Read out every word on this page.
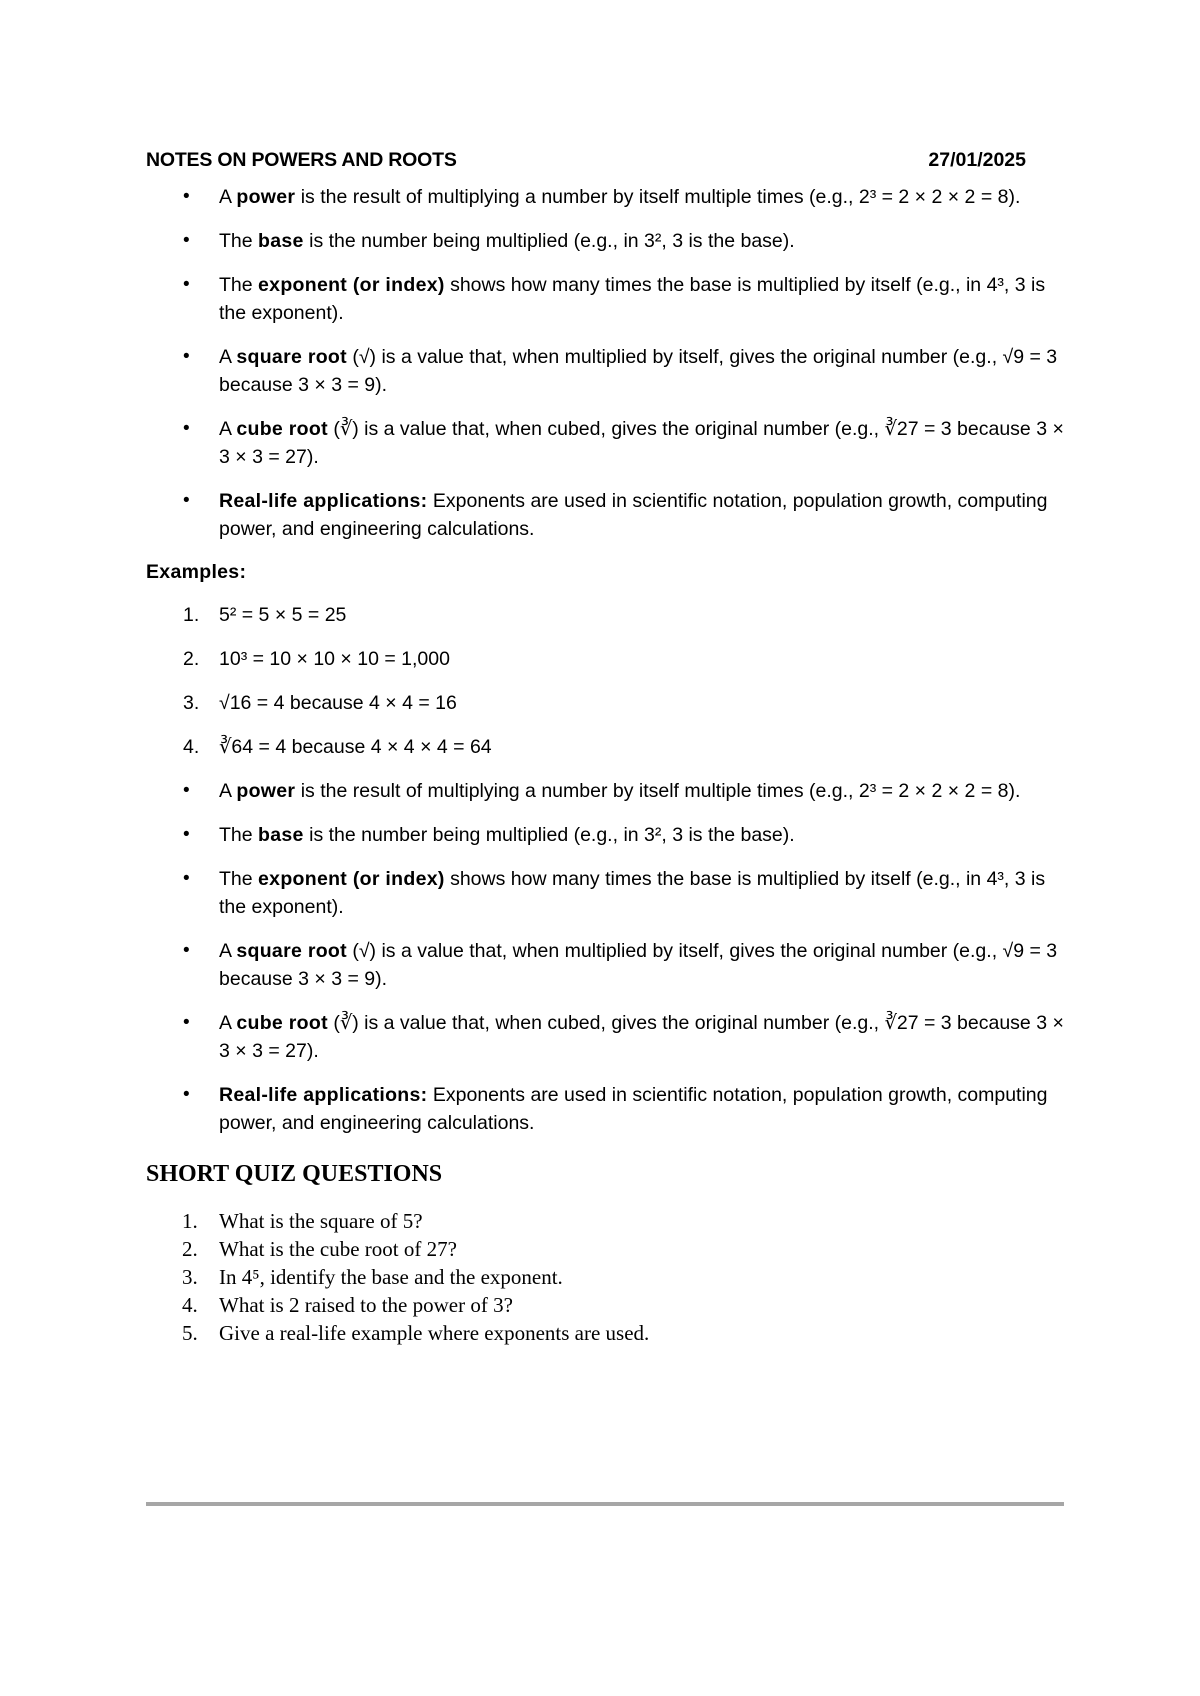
NOTES ON POWERS AND ROOTS	27/01/2025
• A power is the result of multiplying a number by itself multiple times (e.g., 2³ = 2 × 2 × 2 = 8).
• The base is the number being multiplied (e.g., in 3², 3 is the base).
• The exponent (or index) shows how many times the base is multiplied by itself (e.g., in 4³, 3 is the exponent).
• A square root (√) is a value that, when multiplied by itself, gives the original number (e.g., √9 = 3 because 3 × 3 = 9).
• A cube root (∛) is a value that, when cubed, gives the original number (e.g., ∛27 = 3 because 3 × 3 × 3 = 27).
• Real-life applications: Exponents are used in scientific notation, population growth, computing power, and engineering calculations.
Examples:
1. 5² = 5 × 5 = 25
2. 10³ = 10 × 10 × 10 = 1,000
3. √16 = 4 because 4 × 4 = 16
4. ∛64 = 4 because 4 × 4 × 4 = 64
• A power is the result of multiplying a number by itself multiple times (e.g., 2³ = 2 × 2 × 2 = 8).
• The base is the number being multiplied (e.g., in 3², 3 is the base).
• The exponent (or index) shows how many times the base is multiplied by itself (e.g., in 4³, 3 is the exponent).
• A square root (√) is a value that, when multiplied by itself, gives the original number (e.g., √9 = 3 because 3 × 3 = 9).
• A cube root (∛) is a value that, when cubed, gives the original number (e.g., ∛27 = 3 because 3 × 3 × 3 = 27).
• Real-life applications: Exponents are used in scientific notation, population growth, computing power, and engineering calculations.
SHORT QUIZ QUESTIONS
1. What is the square of 5?
2. What is the cube root of 27?
3. In 4⁵, identify the base and the exponent.
4. What is 2 raised to the power of 3?
5. Give a real-life example where exponents are used.
